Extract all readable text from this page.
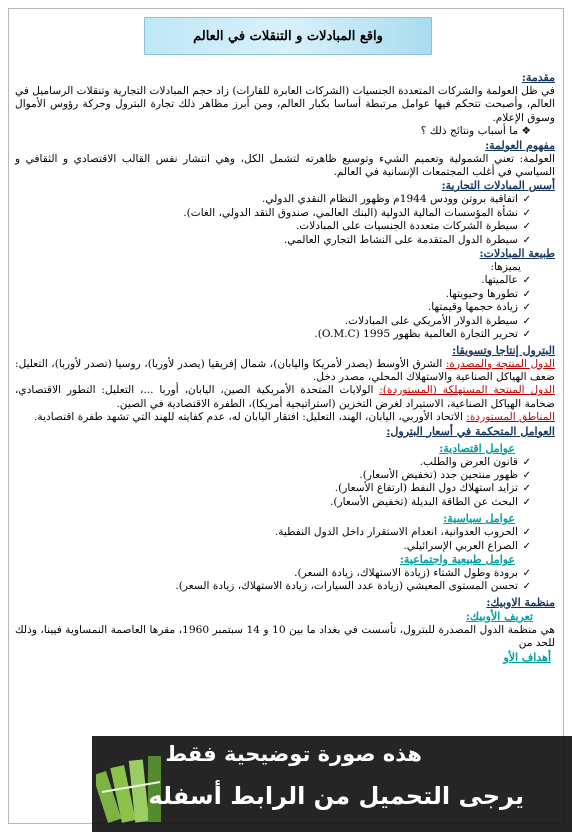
واقع المبادلات و التنقلات في العالم
مقدمة:
في ظل العولمة والشركات المتعددة الجنسيات (الشركات العابرة للقارات) زاد حجم المبادلات التجارية وتنقلات الرساميل في العالم، وأصبحت تتحكم فيها عوامل مرتبطة أساسا بكبار العالم، ومن أبرز مظاهر ذلك تجارة البترول وحركة رؤوس الأموال وسوق الإعلام.
❖ ما أسباب ونتائج ذلك ؟
مفهوم العولمة:
العولمة: تعني الشمولية وتعميم الشيء وتوسيع ظاهرته لتشمل الكل، وهي انتشار نفس القالب الاقتصادي و الثقافي و السياسي في أغلب المجتمعات الإنسانية في العالم.
أسس المبادلات التجارية:
✓ اتفاقية بروتن وودس 1944م وظهور النظام النقدي الدولي.
✓ نشأة المؤسسات المالية الدولية (البنك العالمي، صندوق النقد الدولي، الغات).
✓ سيطرة الشركات متعددة الجنسيات على المبادلات.
✓ سيطرة الدول المتقدمة على النشاط التجاري العالمي.
طبيعة المبادلات:
يميزها:
✓ عالميتها.
✓ تطورها وحيويتها.
✓ زيادة حجمها وقيمتها.
✓ سيطرة الدولار الأمريكي على المبادلات.
✓ تحرير التجارة العالمية بظهور 1995 (O.M.C).
البترول إنتاجا وتسويقا:
الدول المنتجة والمصدرة: الشرق الأوسط (يصدر لأمريكا واليابان)، شمال إفريقيا (يصدر لأوربا)، روسيا (تصدر لأوربا)، التعليل: ضعف الهياكل الصناعية والاستهلاك المحلي، مصدر دخل.
الدول المنتجة المستهلكة (المستوردة): الولايات المتحدة الأمريكية الصين، اليابان، أوربا ...، التعليل: التطور الاقتصادي، ضخامة الهياكل الصناعية، الاستيراد لغرض التخزين (استراتيجية أمريكا)، الطفرة الاقتصادية في الصين.
المناطق المستوردة: الاتحاد الأوربي، اليابان، الهند، التعليل: افتقار اليابان له، عدم كفايته للهند التي تشهد طفرة اقتصادية.
العوامل المتحكمة في أسعار البترول:
عوامل اقتصادية:
✓ قانون العرض والطلب.
✓ ظهور منتجين جدد (تخفيض الأسعار).
✓ تزايد استهلاك دول النفط (ارتفاع الأسعار).
✓ البحث عن الطاقة البديلة (تخفيض الأسعار).
عوامل سياسية:
✓ الحروب العدوانية، انعدام الاستقرار داخل الدول النفطية.
✓ الصراع العربي الإسرائيلي.
عوامل طبيعية واجتماعية:
✓ برودة وطول الشتاء (زيادة الاستهلاك، زيادة السعر).
✓ تحسن المستوى المعيشي (زيادة عدد السيارات، زيادة الاستهلاك، زيادة السعر).
منظمة الاوبيك:
تعريف الأوبيك:
هي منظمة الدول المصدرة للبترول، تأسست في بغداد ما بين 10 و 14 سبتمبر 1960، مقرها العاصمة النمساوية فيينا، وذلك للحد من
أهداف الأو
هذه صورة توضيحية فقط
يرجى التحميل من الرابط أسفله
